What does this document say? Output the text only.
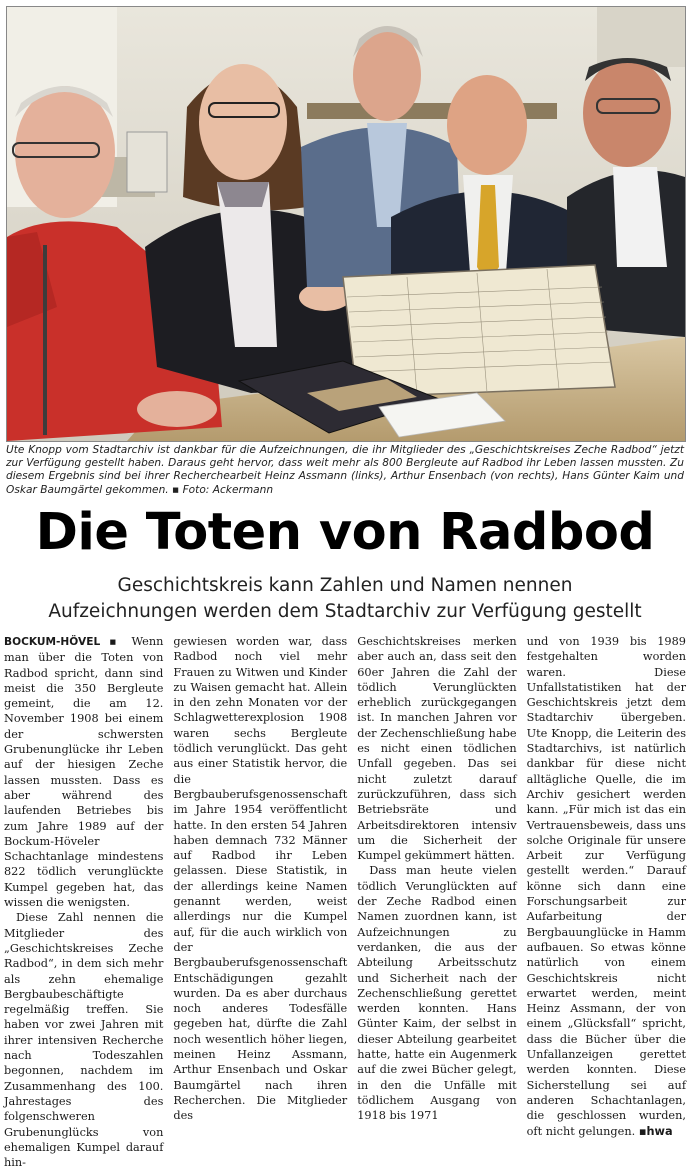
Ute Knopp vom Stadtarchiv ist dankbar für die Aufzeichnungen, die ihr Mitglieder des „Geschichtskreises Zeche Radbod“ jetzt zur Verfügung gestellt haben. Daraus geht hervor, dass weit mehr als 800 Bergleute auf Radbod ihr Leben lassen mussten. Zu diesem Ergebnis sind bei ihrer Recherchearbeit Heinz Assmann (links), Arthur Ensenbach (von rechts), Hans Günter Kaim und Oskar Baumgärtel gekommen. ▪ Foto: Ackermann
Die Toten von Radbod
Geschichtskreis kann Zahlen und Namen nennen
Aufzeichnungen werden dem Stadtarchiv zur Verfügung gestellt

BOCKUM-HÖVEL ▪	Wenn man über die Toten von Radbod spricht, dann sind meist die 350 Bergleute gemeint, die am 12. November 1908 bei einem der schwersten Grubenunglücke ihr Leben auf der hiesigen Zeche lassen mussten. Dass es aber während des laufenden Betriebes bis zum Jahre 1989 auf der Bockum-Höveler Schachtanlage mindestens 822 tödlich verunglückte Kumpel gegeben hat, das wissen die wenigsten.

Diese Zahl nennen die Mitglieder des „Geschichtskreises Zeche Radbod“, in dem sich mehr als zehn ehemalige Bergbaubeschäftigte regelmäßig treffen. Sie haben vor zwei Jahren mit ihrer intensiven Recherche nach Todeszahlen begonnen, nachdem im Zusammenhang des 100. Jahrestages des folgenschweren Grubenunglücks von ehemaligen Kumpel darauf hin-

gewiesen worden war, dass Radbod noch viel mehr Frauen zu Witwen und Kinder zu Waisen gemacht hat. Allein in den zehn Monaten vor der Schlagwetterexplosion 1908 waren sechs Bergleute tödlich verunglückt. Das geht aus einer Statistik hervor, die die Bergbauberufsgenossenschaft im Jahre 1954 veröffentlicht hatte. In den ersten 54 Jahren haben demnach 732 Männer auf Radbod ihr Leben gelassen. Diese Statistik, in der allerdings keine Namen genannt werden, weist allerdings nur die Kumpel auf, für die auch wirklich von der Bergbauberufsgenossenschaft Entschädigungen gezahlt wurden. Da es aber durchaus noch anderes Todesfälle gegeben hat, dürfte die Zahl noch wesentlich höher liegen, meinen Heinz Assmann, Arthur Ensenbach und Oskar Baumgärtel nach ihren Recherchen. Die Mitglieder des

Geschichtskreises merken aber auch an, dass seit den 60er Jahren die Zahl der tödlich Verunglückten erheblich zurückgegangen ist. In manchen Jahren vor der Zechenschließung habe es nicht einen tödlichen Unfall gegeben. Das sei nicht zuletzt darauf zurückzuführen, dass sich Betriebsräte und Arbeitsdirektoren intensiv um die Sicherheit der Kumpel gekümmert hätten.

Dass man heute vielen tödlich Verunglückten auf der Zeche Radbod einen Namen zuordnen kann, ist Aufzeichnungen zu verdanken, die aus der Abteilung Arbeitsschutz und Sicherheit nach der Zechenschließung gerettet werden konnten. Hans Günter Kaim, der selbst in dieser Abteilung gearbeitet hatte, hatte ein Augenmerk auf die zwei Bücher gelegt, in den die Unfälle mit tödlichem Ausgang von 1918 bis 1971

und von 1939 bis 1989 festgehalten worden waren. Diese Unfallstatistiken hat der Geschichtskreis jetzt dem Stadtarchiv übergeben. Ute Knopp, die Leiterin des Stadtarchivs, ist natürlich dankbar für diese nicht alltägliche Quelle, die im Archiv gesichert werden kann. „Für mich ist das ein Vertrauensbeweis, dass uns solche Originale für unsere Arbeit zur Verfügung gestellt werden.“ Darauf könne sich dann eine Forschungsarbeit zur Aufarbeitung der Bergbauunglücke in Hamm aufbauen. So etwas könne natürlich von einem Geschichtskreis nicht erwartet werden, meint Heinz Assmann, der von einem „Glücksfall“ spricht, dass die Bücher über die Unfallanzeigen gerettet werden konnten. Diese Sicherstellung sei auf anderen Schachtanlagen, die geschlossen wurden, oft nicht gelungen. ▪ hwa
